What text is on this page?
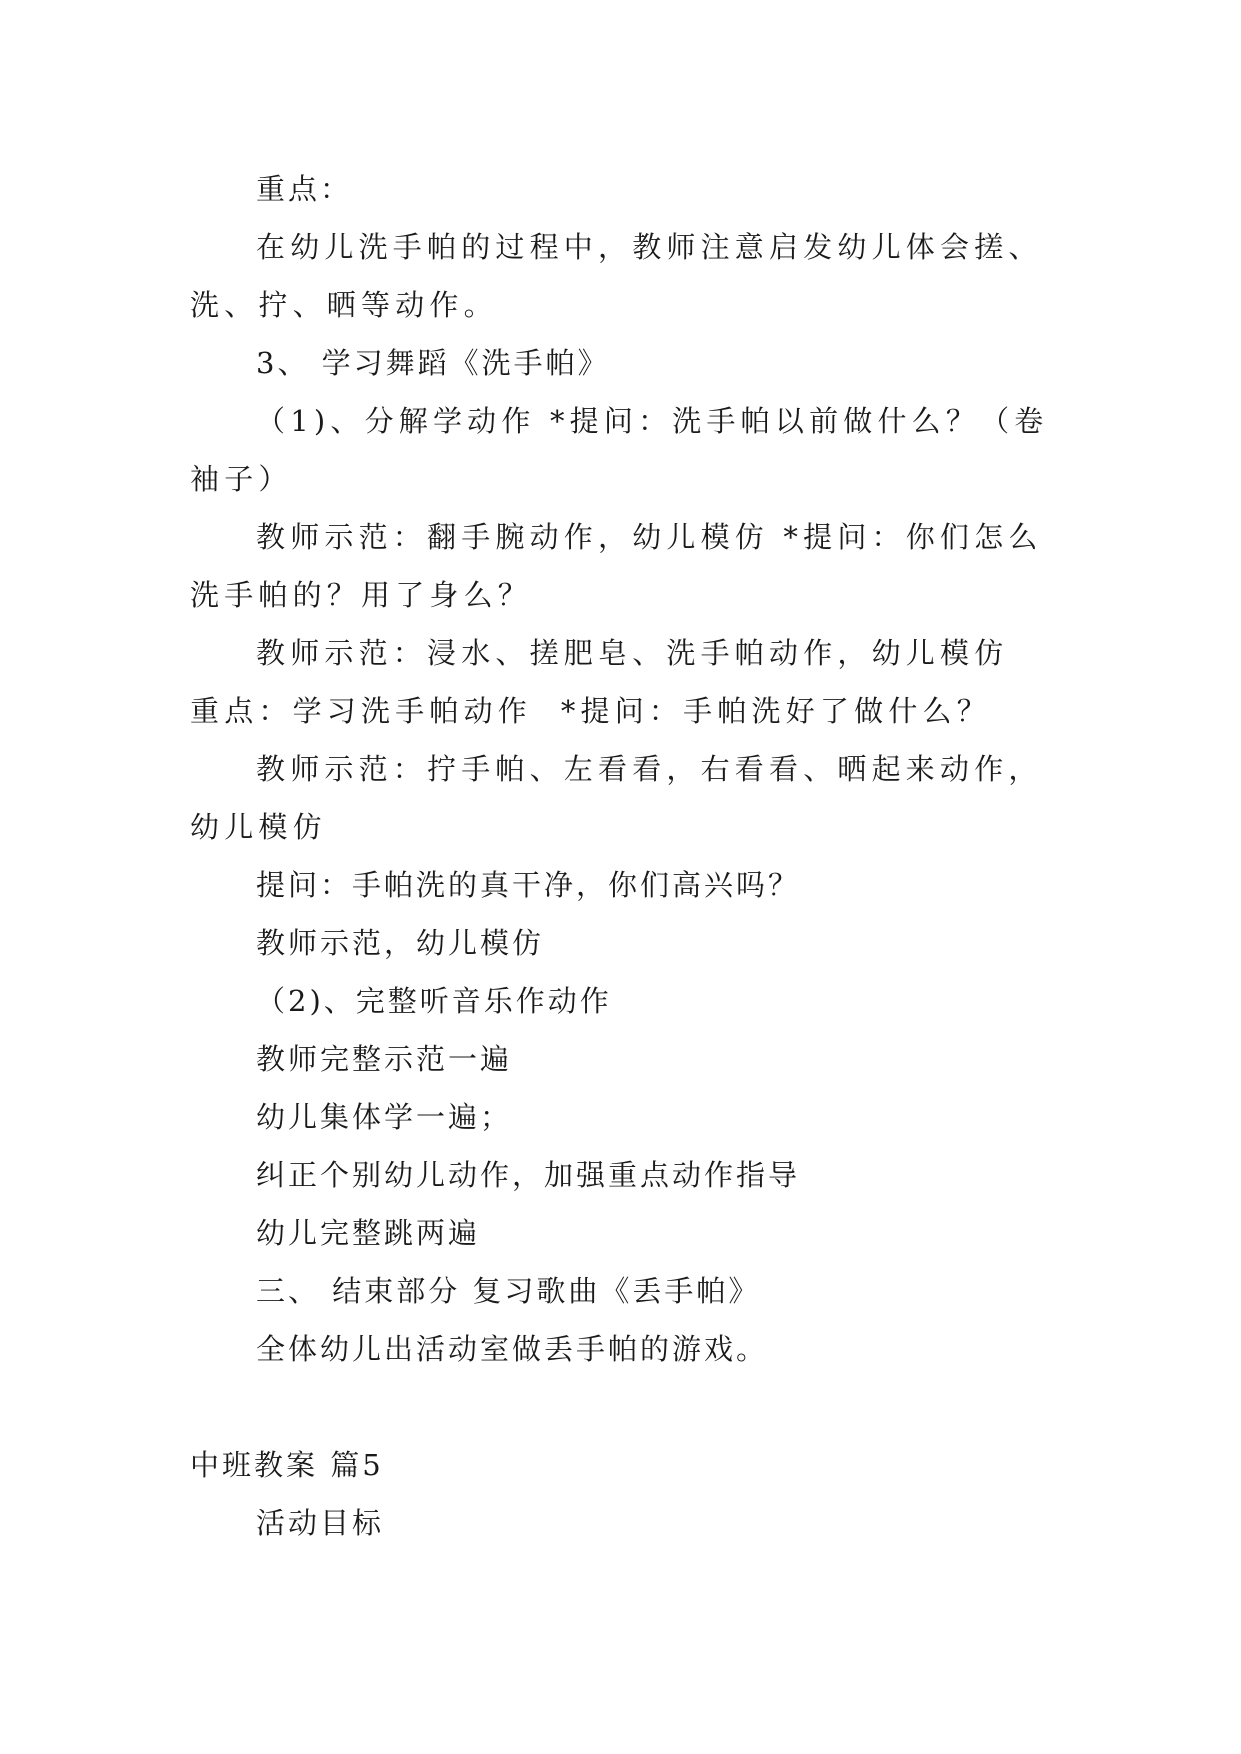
重点：

在幼儿洗手帕的过程中，教师注意启发幼儿体会搓、洗、拧、晒等动作。

3、 学习舞蹈《洗手帕》

（1)、分解学动作 *提问：洗手帕以前做什么？（卷袖子）

教师示范：翻手腕动作，幼儿模仿 *提问：你们怎么洗手帕的？用了身么？

教师示范：浸水、搓肥皂、洗手帕动作，幼儿模仿 重点：学习洗手帕动作  *提问：手帕洗好了做什么？

教师示范：拧手帕、左看看，右看看、晒起来动作，幼儿模仿

提问：手帕洗的真干净，你们高兴吗？

教师示范，幼儿模仿

（2)、完整听音乐作动作

教师完整示范一遍

幼儿集体学一遍；

纠正个别幼儿动作，加强重点动作指导

幼儿完整跳两遍

三、 结束部分 复习歌曲《丢手帕》

全体幼儿出活动室做丢手帕的游戏。

中班教案 篇5

活动目标
